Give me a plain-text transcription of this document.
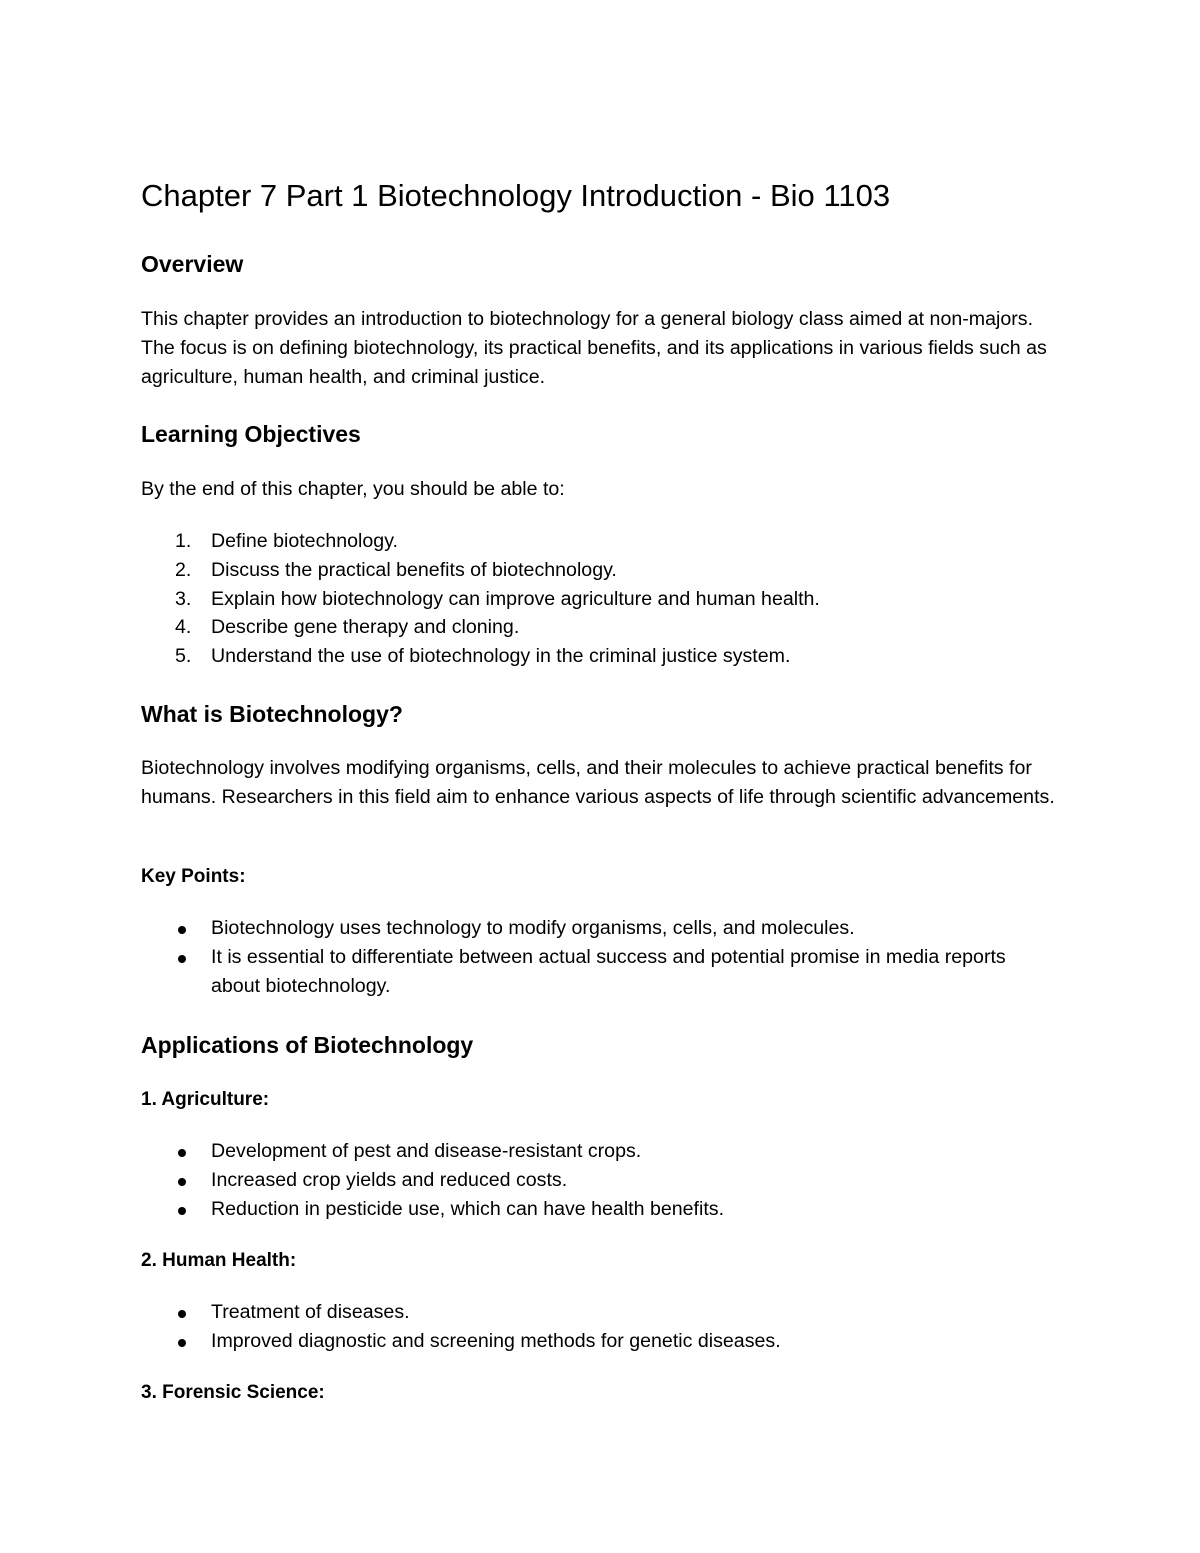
Chapter 7 Part 1 Biotechnology Introduction - Bio 1103
Overview

This chapter provides an introduction to biotechnology for a general biology class aimed at non-majors. The focus is on defining biotechnology, its practical benefits, and its applications in various fields such as agriculture, human health, and criminal justice.

Learning Objectives

By the end of this chapter, you should be able to:

1.	Define biotechnology.
2.	Discuss the practical benefits of biotechnology.
3.	Explain how biotechnology can improve agriculture and human health.
4.	Describe gene therapy and cloning.
5.	Understand the use of biotechnology in the criminal justice system.
What is Biotechnology?

Biotechnology involves modifying organisms, cells, and their molecules to achieve practical benefits for humans. Researchers in this field aim to enhance various aspects of life through scientific advancements.

Key Points:
Biotechnology uses technology to modify organisms, cells, and molecules.
It is essential to differentiate between actual success and potential promise in media reports about biotechnology.
Applications of Biotechnology
1. Agriculture:
Development of pest and disease-resistant crops.
Increased crop yields and reduced costs.
Reduction in pesticide use, which can have health benefits.
2. Human Health:
Treatment of diseases.
Improved diagnostic and screening methods for genetic diseases.
3. Forensic Science:
